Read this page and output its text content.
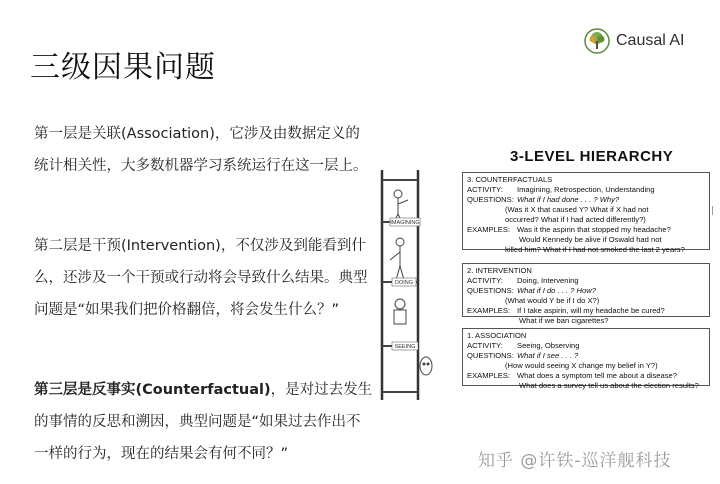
三级因果问题
Causal AI

第一层是关联(Association)，它涉及由数据定义的统计相关性，大多数机器学习系统运行在这一层上。

第二层是干预(Intervention)，不仅涉及到能看到什么，还涉及一个干预或行动将会导致什么结果。典型问题是“如果我们把价格翻倍，将会发生什么？”

第三层是反事实(Counterfactual)，是对过去发生的事情的反思和溯因，典型问题是“如果过去作出不一样的行为，现在的结果会有何不同？”

3-LEVEL HIERARCHY
IMAGINING
DOING
SEEING
3. COUNTERFACTUALS
ACTIVITY: Imagining, Retrospection, Understanding
QUESTIONS: What if I had done . . . ? Why?
(Was it X that caused Y? What if X had not
occurred? What if I had acted differently?)
EXAMPLES: Was it the aspirin that stopped my headache?
Would Kennedy be alive if Oswald had not
killed him? What if I had not smoked the last 2 years?
2. INTERVENTION
ACTIVITY: Doing, Intervening
QUESTIONS: What if I do . . . ? How?
(What would Y be if I do X?)
EXAMPLES: If I take aspirin, will my headache be cured?
What if we ban cigarettes?
1. ASSOCIATION
ACTIVITY: Seeing, Observing
QUESTIONS: What if I see . . . ?
(How would seeing X change my belief in Y?)
EXAMPLES: What does a symptom tell me about a disease?
What does a survey tell us about the election results?
知乎 @许铁-巡洋舰科技
